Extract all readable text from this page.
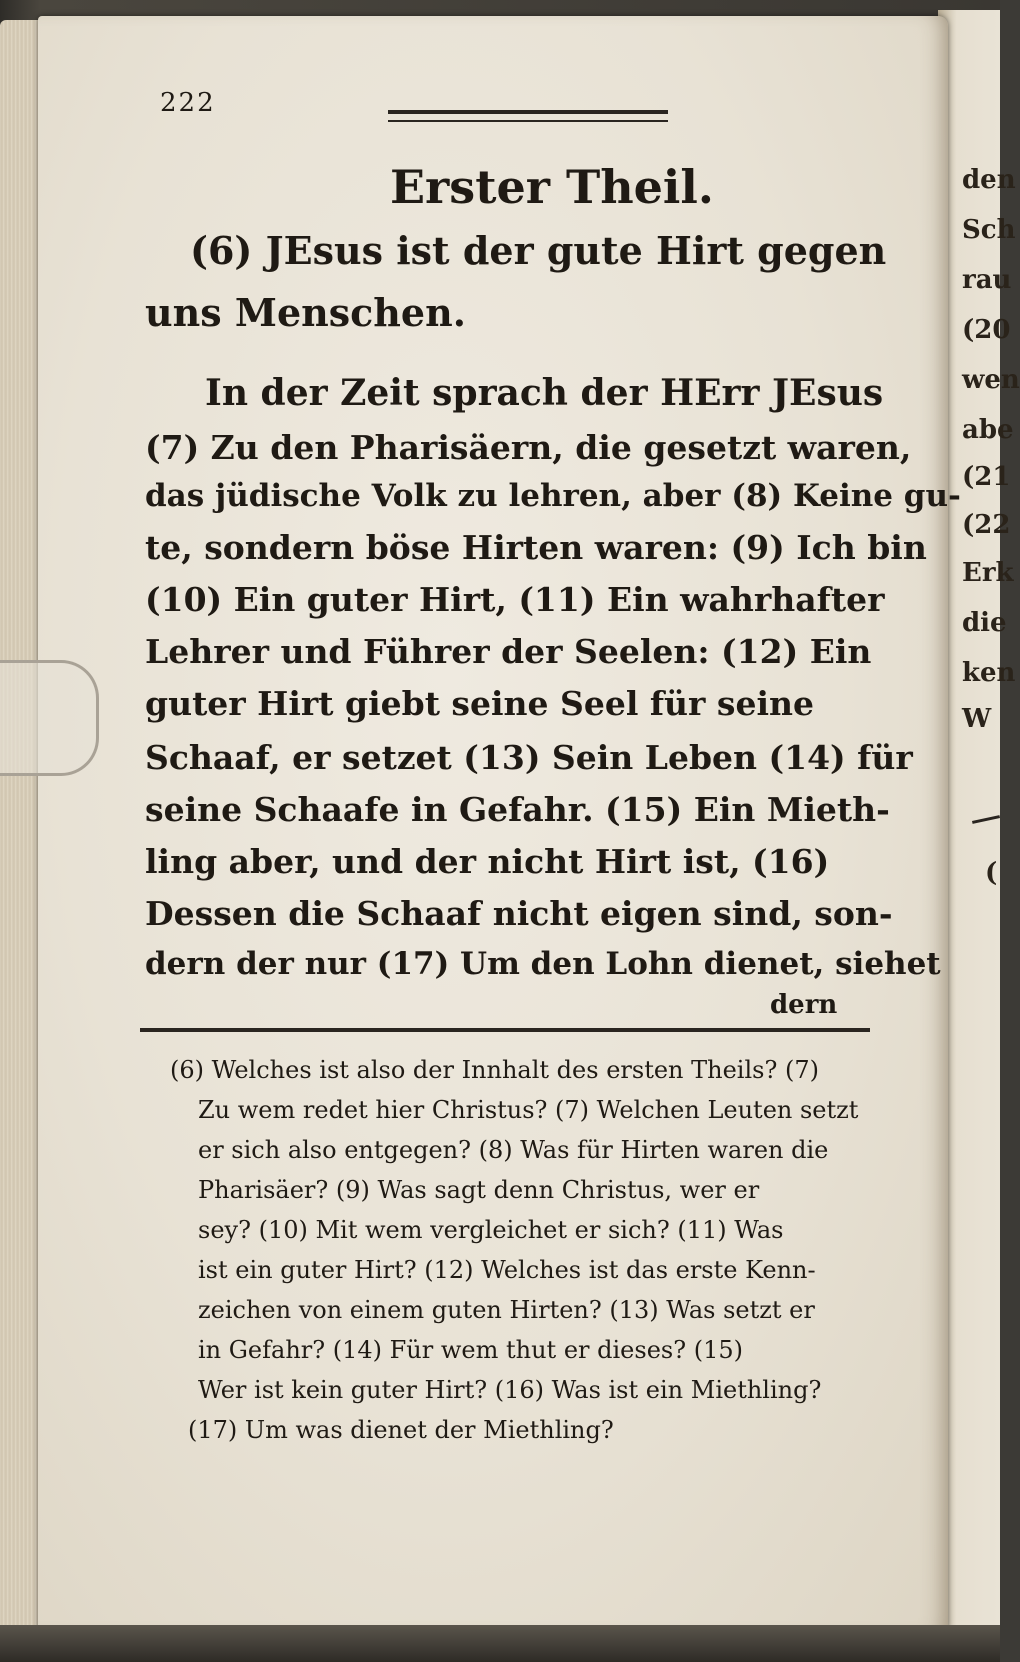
222
Erster Theil.
(6) JEsus ist der gute Hirt gegen
uns Menschen.
In der Zeit sprach der HErr JEsus
(7) Zu den Pharisäern, die gesetzt waren,
das jüdische Volk zu lehren, aber (8) Keine gu-
te, sondern böse Hirten waren: (9) Ich bin
(10) Ein guter Hirt, (11) Ein wahrhafter
Lehrer und Führer der Seelen: (12) Ein
guter Hirt giebt seine Seel für seine
Schaaf, er setzet (13) Sein Leben (14) für
seine Schaafe in Gefahr. (15) Ein Mieth-
ling aber, und der nicht Hirt ist, (16)
Dessen die Schaaf nicht eigen sind, son-
dern der nur (17) Um den Lohn dienet, siehet
dern
(6) Welches ist also der Innhalt des ersten Theils? (7)
Zu wem redet hier Christus? (7) Welchen Leuten setzt
er sich also entgegen? (8) Was für Hirten waren die
Pharisäer? (9) Was sagt denn Christus, wer er
sey? (10) Mit wem vergleichet er sich? (11) Was
ist ein guter Hirt? (12) Welches ist das erste Kenn-
zeichen von einem guten Hirten? (13) Was setzt er
in Gefahr? (14) Für wem thut er dieses? (15)
Wer ist kein guter Hirt? (16) Was ist ein Miethling?
(17) Um was dienet der Miethling?
den
Sch
rau
(20
wen
abe
(21
(22
Erk
die
ken
W
(
